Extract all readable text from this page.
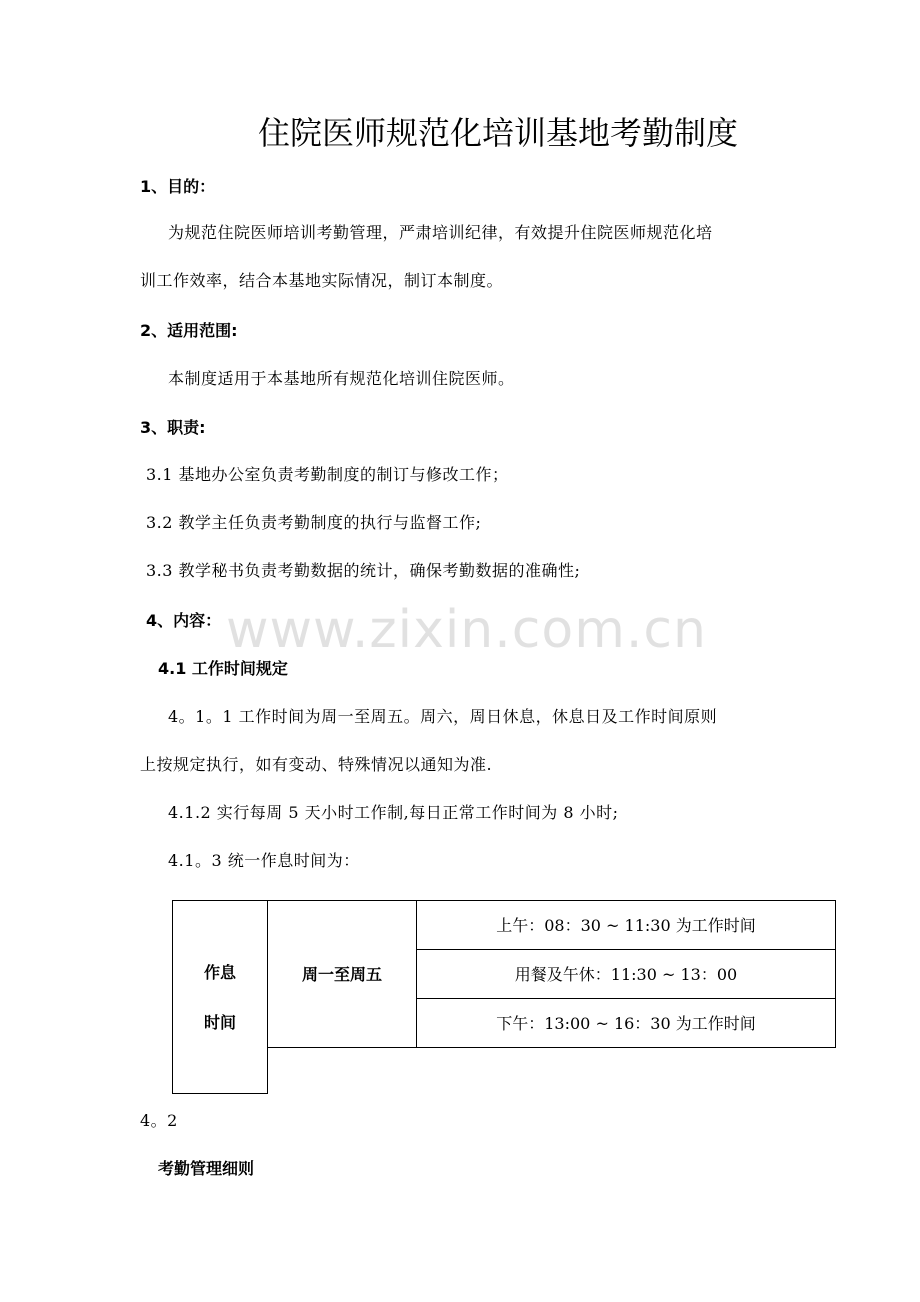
住院医师规范化培训基地考勤制度
1、目的：
为规范住院医师培训考勤管理，严肃培训纪律，有效提升住院医师规范化培
训工作效率，结合本基地实际情况，制订本制度。
2、适用范围:
本制度适用于本基地所有规范化培训住院医师。
3、职责:
3.1 基地办公室负责考勤制度的制订与修改工作；
3.2 教学主任负责考勤制度的执行与监督工作;
3.3 教学秘书负责考勤数据的统计，确保考勤数据的准确性;
4、内容： www.zixin.com.cn
4.1 工作时间规定
4。1。1 工作时间为周一至周五。周六，周日休息，休息日及工作时间原则
上按规定执行，如有变动、特殊情况以通知为准.
4.1.2 实行每周 5 天小时工作制,每日正常工作时间为 8 小时;
4.1。3 统一作息时间为：
作息
时间
周一至周五
上午：08：30 ~ 11:30 为工作时间
用餐及午休：11:30 ~ 13：00
下午：13:00 ~ 16：30 为工作时间
4。2
考勤管理细则
